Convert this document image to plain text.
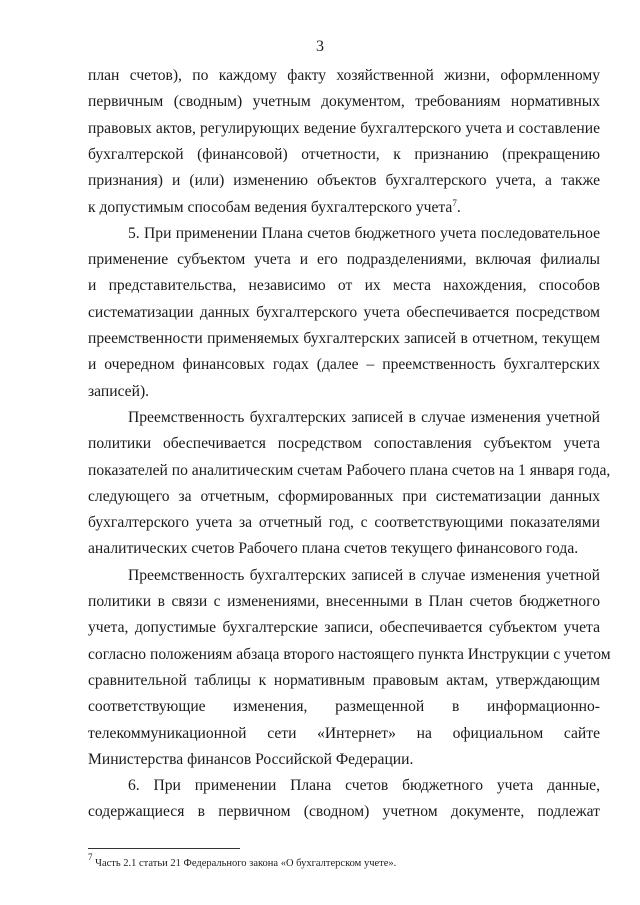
3
план счетов), по каждому факту хозяйственной жизни, оформленному
первичным (сводным) учетным документом, требованиям нормативных
правовых актов, регулирующих ведение бухгалтерского учета и составление
бухгалтерской (финансовой) отчетности, к признанию (прекращению
признания) и (или) изменению объектов бухгалтерского учета, а также
к допустимым способам ведения бухгалтерского учета$^7$.
5. При применении Плана счетов бюджетного учета последовательное
применение субъектом учета и его подразделениями, включая филиалы
и представительства, независимо от их места нахождения, способов
систематизации данных бухгалтерского учета обеспечивается посредством
преемственности применяемых бухгалтерских записей в отчетном, текущем
и очередном финансовых годах (далее – преемственность бухгалтерских
записей).
Преемственность бухгалтерских записей в случае изменения учетной
политики обеспечивается посредством сопоставления субъектом учета
показателей по аналитическим счетам Рабочего плана счетов на 1 января года,
следующего за отчетным, сформированных при систематизации данных
бухгалтерского учета за отчетный год, с соответствующими показателями
аналитических счетов Рабочего плана счетов текущего финансового года.
Преемственность бухгалтерских записей в случае изменения учетной
политики в связи с изменениями, внесенными в План счетов бюджетного
учета, допустимые бухгалтерские записи, обеспечивается субъектом учета
согласно положениям абзаца второго настоящего пункта Инструкции с учетом
сравнительной таблицы к нормативным правовым актам, утверждающим
соответствующие изменения, размещенной в информационно-
телекоммуникационной сети «Интернет» на официальном сайте
Министерства финансов Российской Федерации.
6. При применении Плана счетов бюджетного учета данные,
содержащиеся в первичном (сводном) учетном документе, подлежат
$^7$ Часть 2.1 статьи 21 Федерального закона «О бухгалтерском учете».
